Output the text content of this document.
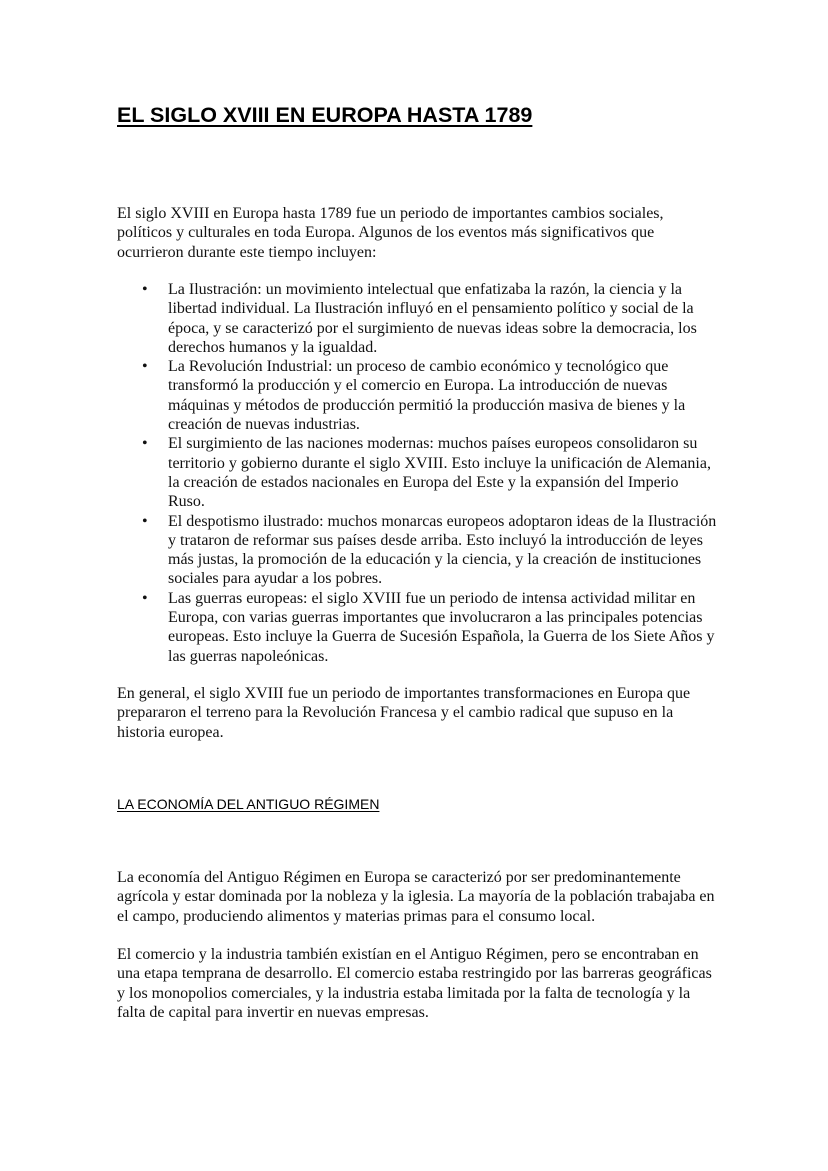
EL SIGLO XVIII EN EUROPA HASTA 1789

El siglo XVIII en Europa hasta 1789 fue un periodo de importantes cambios sociales, políticos y culturales en toda Europa. Algunos de los eventos más significativos que ocurrieron durante este tiempo incluyen:

• La Ilustración: un movimiento intelectual que enfatizaba la razón, la ciencia y la libertad individual. La Ilustración influyó en el pensamiento político y social de la época, y se caracterizó por el surgimiento de nuevas ideas sobre la democracia, los derechos humanos y la igualdad.
• La Revolución Industrial: un proceso de cambio económico y tecnológico que transformó la producción y el comercio en Europa. La introducción de nuevas máquinas y métodos de producción permitió la producción masiva de bienes y la creación de nuevas industrias.
• El surgimiento de las naciones modernas: muchos países europeos consolidaron su territorio y gobierno durante el siglo XVIII. Esto incluye la unificación de Alemania, la creación de estados nacionales en Europa del Este y la expansión del Imperio Ruso.
• El despotismo ilustrado: muchos monarcas europeos adoptaron ideas de la Ilustración y trataron de reformar sus países desde arriba. Esto incluyó la introducción de leyes más justas, la promoción de la educación y la ciencia, y la creación de instituciones sociales para ayudar a los pobres.
• Las guerras europeas: el siglo XVIII fue un periodo de intensa actividad militar en Europa, con varias guerras importantes que involucraron a las principales potencias europeas. Esto incluye la Guerra de Sucesión Española, la Guerra de los Siete Años y las guerras napoleónicas.

En general, el siglo XVIII fue un periodo de importantes transformaciones en Europa que prepararon el terreno para la Revolución Francesa y el cambio radical que supuso en la historia europea.

LA ECONOMÍA DEL ANTIGUO RÉGIMEN

La economía del Antiguo Régimen en Europa se caracterizó por ser predominantemente agrícola y estar dominada por la nobleza y la iglesia. La mayoría de la población trabajaba en el campo, produciendo alimentos y materias primas para el consumo local.

El comercio y la industria también existían en el Antiguo Régimen, pero se encontraban en una etapa temprana de desarrollo. El comercio estaba restringido por las barreras geográficas y los monopolios comerciales, y la industria estaba limitada por la falta de tecnología y la falta de capital para invertir en nuevas empresas.
